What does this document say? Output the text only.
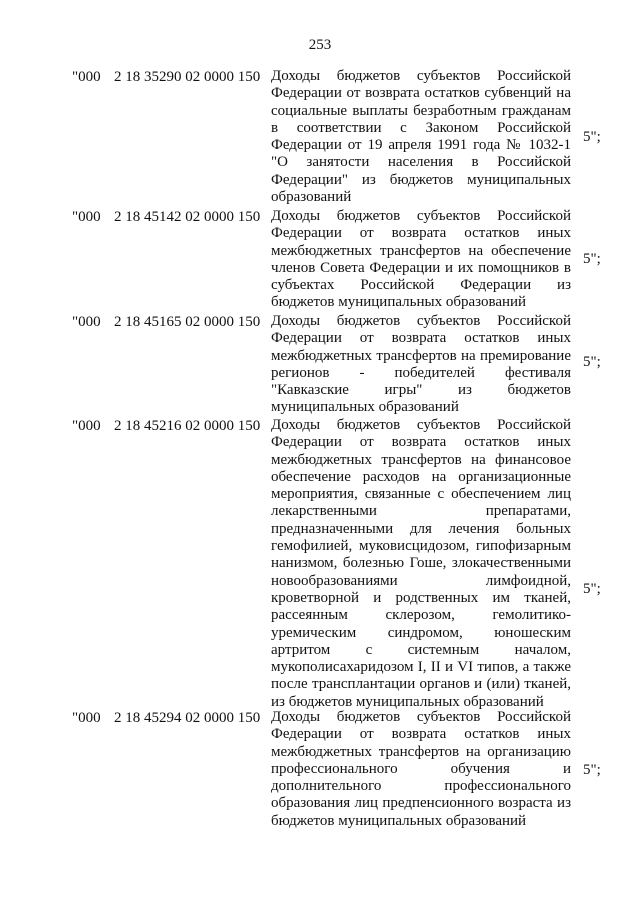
253
"000 2 18 35290 02 0000 150 Доходы бюджетов субъектов Российской Федерации от возврата остатков субвенций на социальные выплаты безработным гражданам в соответствии с Законом Российской Федерации от 19 апреля 1991 года № 1032-1 "О занятости населения в Российской Федерации" из бюджетов муниципальных образований
5";
"000 2 18 45142 02 0000 150 Доходы бюджетов субъектов Российской Федерации от возврата остатков иных межбюджетных трансфертов на обеспечение членов Совета Федерации и их помощников в субъектах Российской Федерации из бюджетов муниципальных образований
5";
"000 2 18 45165 02 0000 150 Доходы бюджетов субъектов Российской Федерации от возврата остатков иных межбюджетных трансфертов на премирование регионов - победителей фестиваля "Кавказские игры" из бюджетов муниципальных образований
5";
"000 2 18 45216 02 0000 150 Доходы бюджетов субъектов Российской Федерации от возврата остатков иных межбюджетных трансфертов на финансовое обеспечение расходов на организационные мероприятия, связанные с обеспечением лиц лекарственными препаратами, предназначенными для лечения больных гемофилией, муковисцидозом, гипофизарным нанизмом, болезнью Гоше, злокачественными новообразованиями лимфоидной, кроветворной и родственных им тканей, рассеянным склерозом, гемолитико-уремическим синдромом, юношеским артритом с системным началом, мукополисахаридозом I, II и VI типов, а также после трансплантации органов и (или) тканей, из бюджетов муниципальных образований
5";
"000 2 18 45294 02 0000 150 Доходы бюджетов субъектов Российской Федерации от возврата остатков иных межбюджетных трансфертов на организацию профессионального обучения и дополнительного профессионального образования лиц предпенсионного возраста из бюджетов муниципальных образований
5";
